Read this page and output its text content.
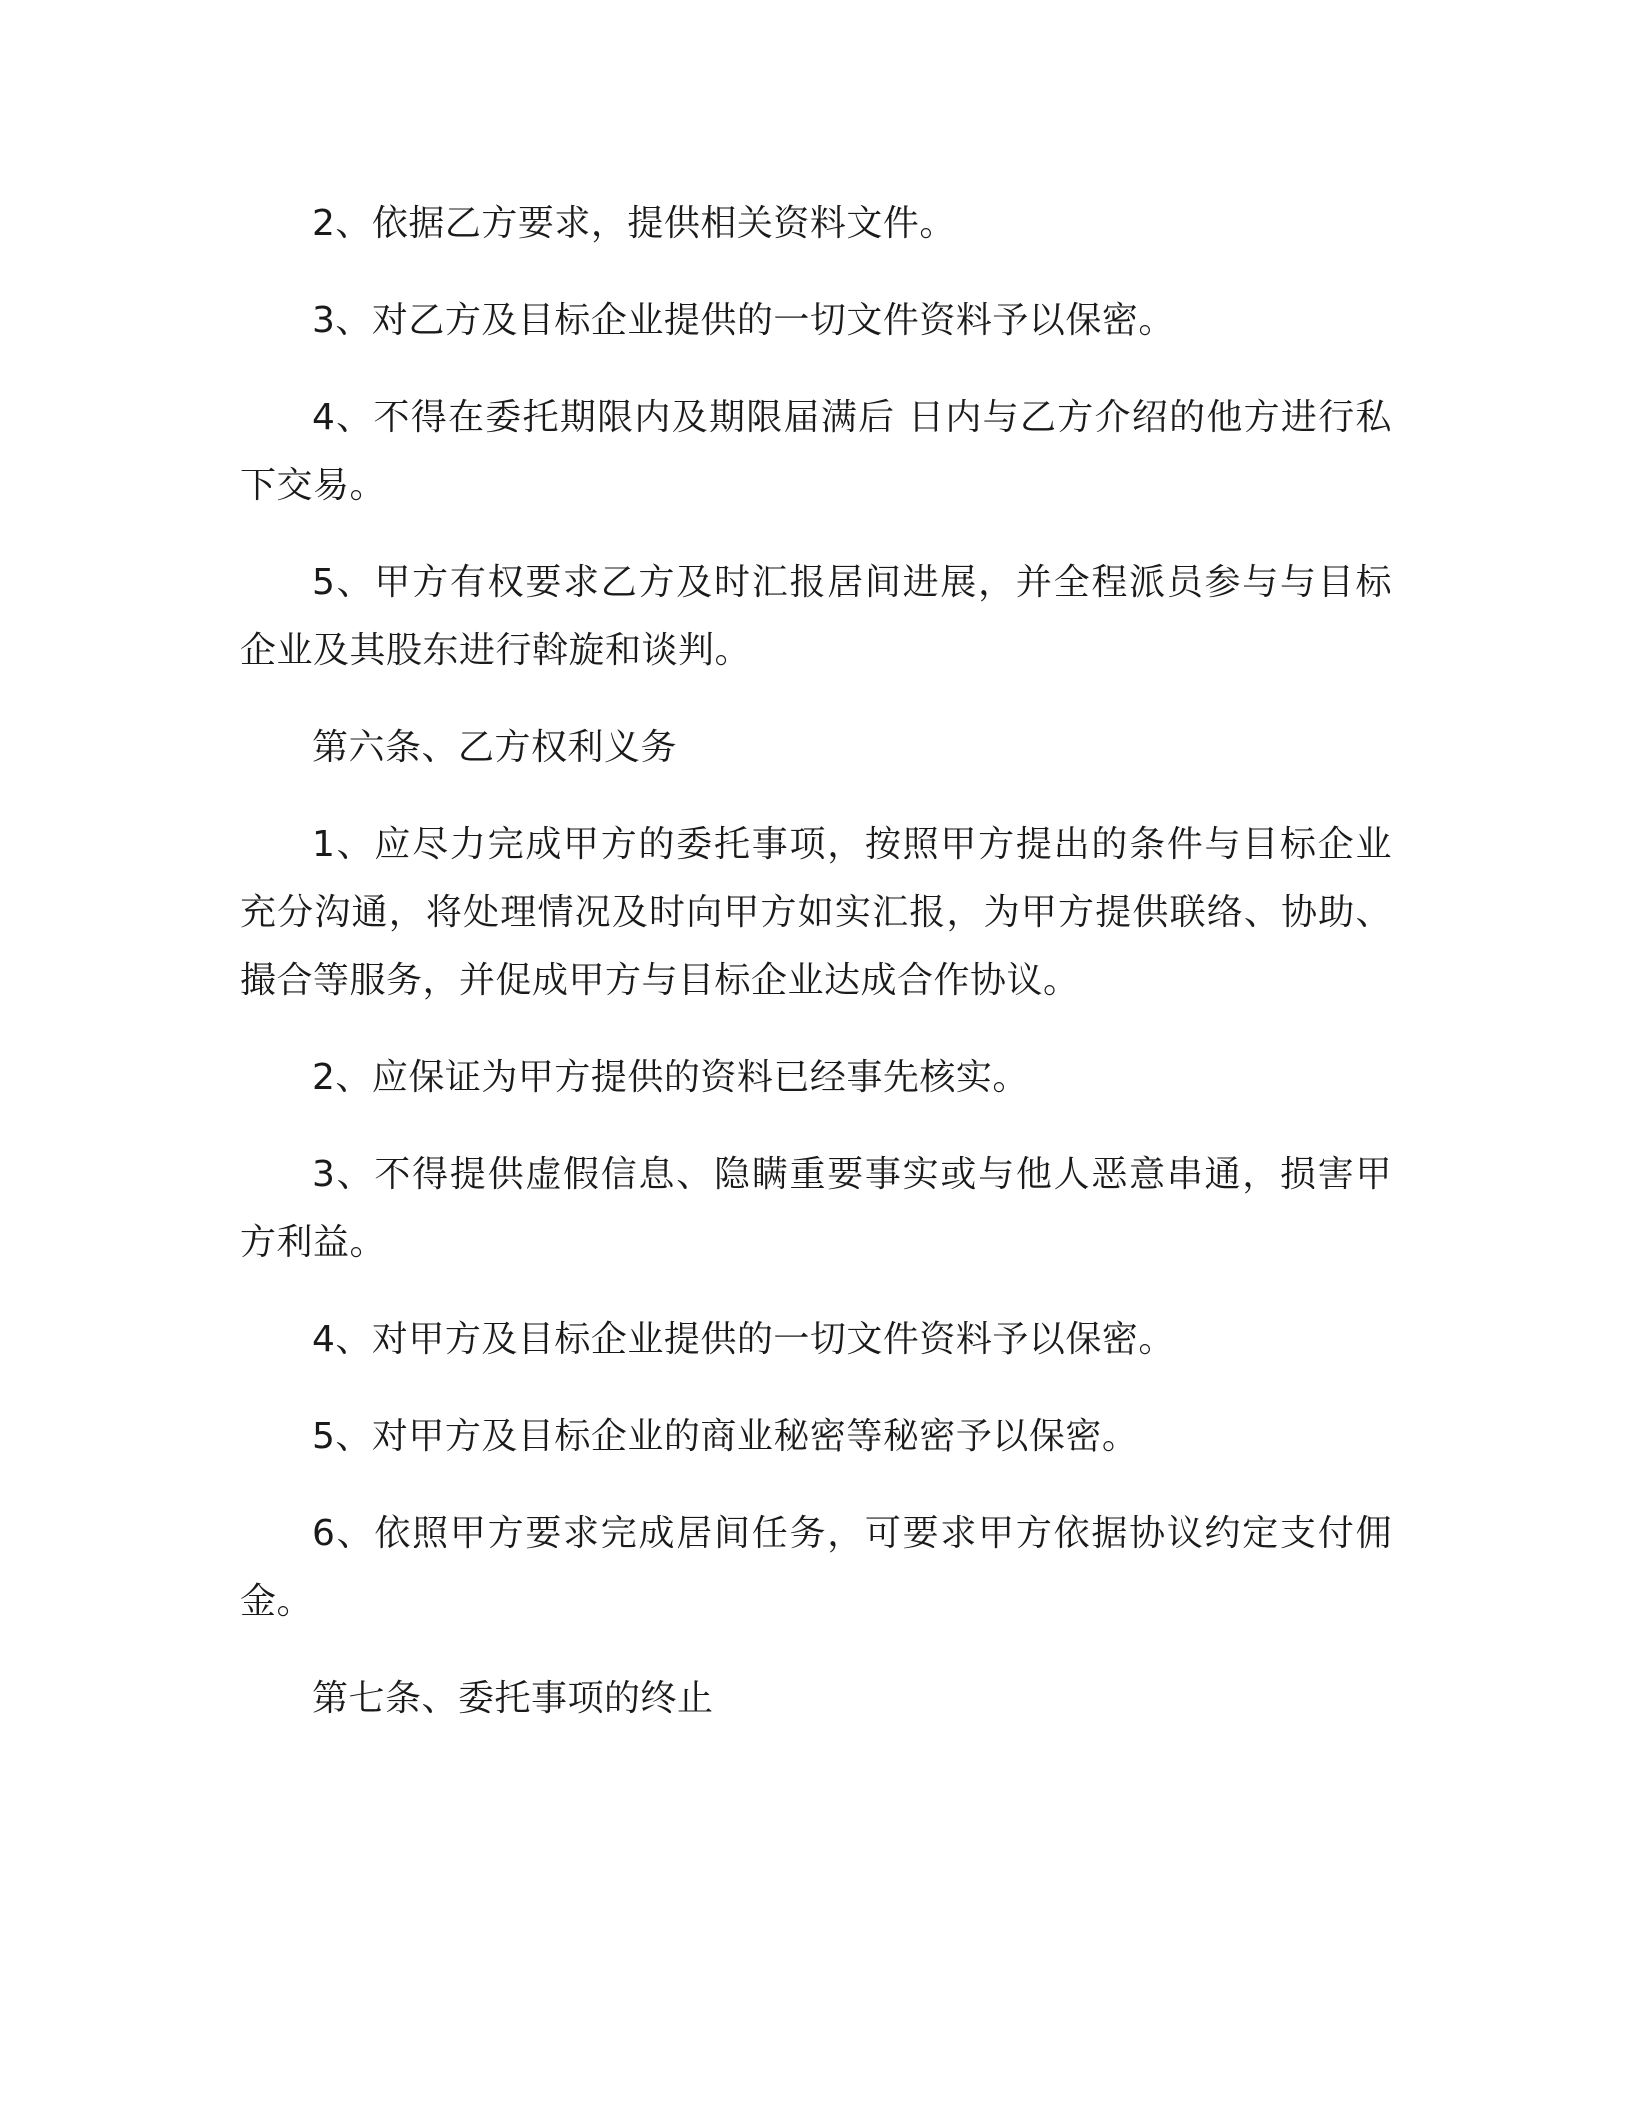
2、依据乙方要求，提供相关资料文件。

3、对乙方及目标企业提供的一切文件资料予以保密。

4、不得在委托期限内及期限届满后 日内与乙方介绍的他方进行私下交易。

5、甲方有权要求乙方及时汇报居间进展，并全程派员参与与目标企业及其股东进行斡旋和谈判。

第六条、乙方权利义务

1、应尽力完成甲方的委托事项，按照甲方提出的条件与目标企业充分沟通，将处理情况及时向甲方如实汇报，为甲方提供联络、协助、撮合等服务，并促成甲方与目标企业达成合作协议。

2、应保证为甲方提供的资料已经事先核实。

3、不得提供虚假信息、隐瞒重要事实或与他人恶意串通，损害甲方利益。

4、对甲方及目标企业提供的一切文件资料予以保密。

5、对甲方及目标企业的商业秘密等秘密予以保密。

6、依照甲方要求完成居间任务，可要求甲方依据协议约定支付佣金。

第七条、委托事项的终止
